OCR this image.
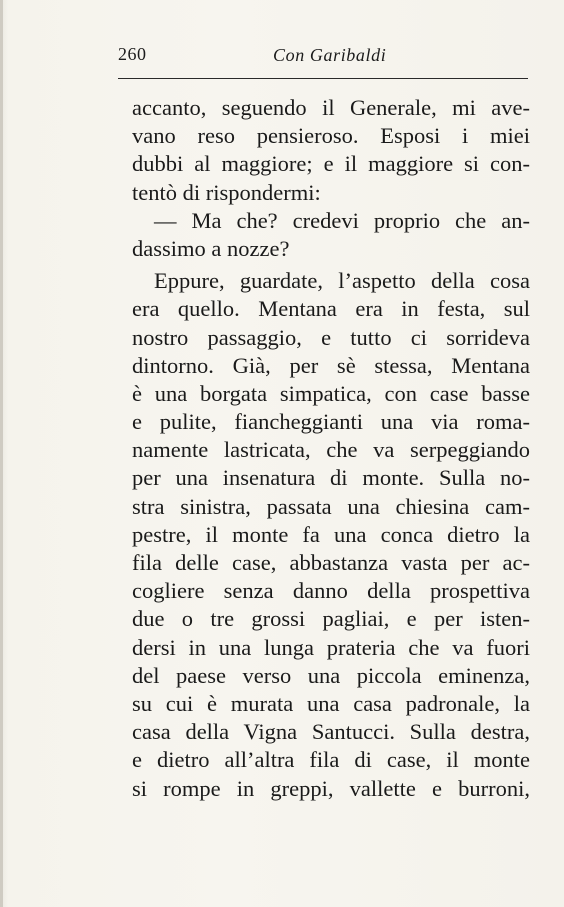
260	Con Garibaldi
accanto, seguendo il Generale, mi ave-
vano reso pensieroso. Esposi i miei
dubbi al maggiore; e il maggiore si con-
tentò di rispondermi:
— Ma che? credevi proprio che an-
dassimo a nozze?
Eppure, guardate, l’aspetto della cosa
era quello. Mentana era in festa, sul
nostro passaggio, e tutto ci sorrideva
dintorno. Già, per sè stessa, Mentana
è una borgata simpatica, con case basse
e pulite, fiancheggianti una via roma-
namente lastricata, che va serpeggiando
per una insenatura di monte. Sulla no-
stra sinistra, passata una chiesina cam-
pestre, il monte fa una conca dietro la
fila delle case, abbastanza vasta per ac-
cogliere senza danno della prospettiva
due o tre grossi pagliai, e per isten-
dersi in una lunga prateria che va fuori
del paese verso una piccola eminenza,
su cui è murata una casa padronale, la
casa della Vigna Santucci. Sulla destra,
e dietro all’altra fila di case, il monte
si rompe in greppi, vallette e burroni,
